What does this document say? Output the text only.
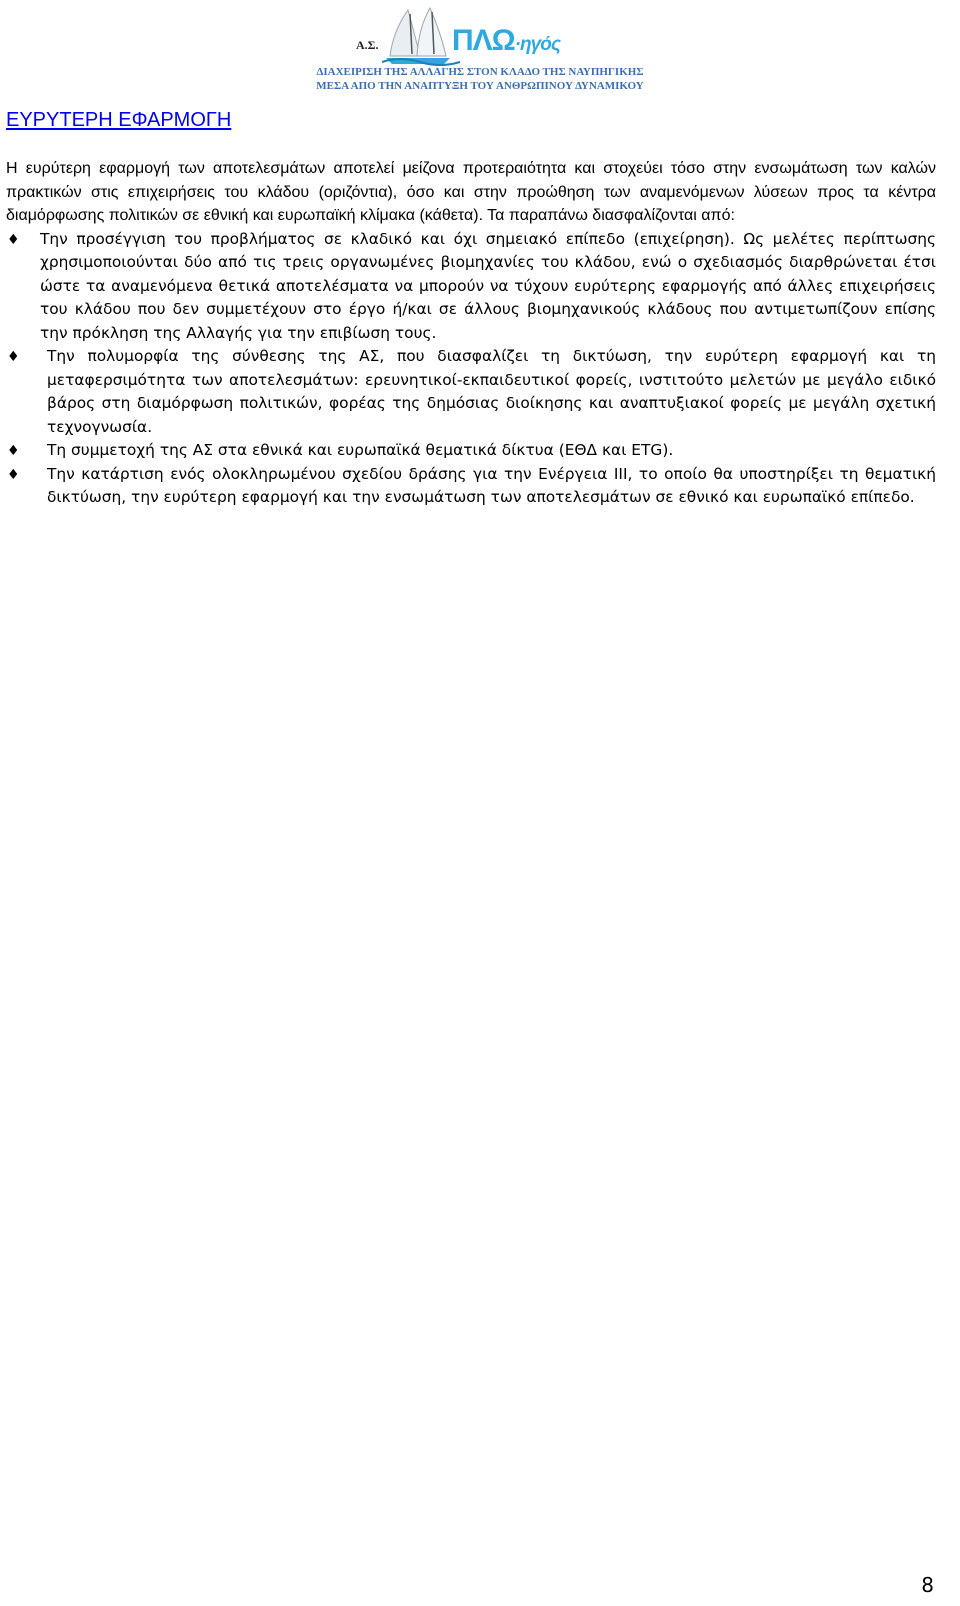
Α.Σ. ΠΛΩ·ηγός
ΔΙΑΧΕΙΡΙΣΗ ΤΗΣ ΑΛΛΑΓΗΣ ΣΤΟΝ ΚΛΑΔΟ ΤΗΣ ΝΑΥΠΗΓΙΚΗΣ
ΜΕΣΑ ΑΠΟ ΤΗΝ ΑΝΑΠΤΥΞΗ ΤΟΥ ΑΝΘΡΩΠΙΝΟΥ ΔΥΝΑΜΙΚΟΥ
ΕΥΡΥΤΕΡΗ ΕΦΑΡΜΟΓΗ

Η ευρύτερη εφαρμογή των αποτελεσμάτων αποτελεί μείζονα προτεραιότητα και στοχεύει τόσο στην ενσωμάτωση των καλών πρακτικών στις επιχειρήσεις του κλάδου (οριζόντια), όσο και στην προώθηση των αναμενόμενων λύσεων προς τα κέντρα διαμόρφωσης πολιτικών σε εθνική και ευρωπαϊκή κλίμακα (κάθετα). Τα παραπάνω διασφαλίζονται από:

♦ Την προσέγγιση του προβλήματος σε κλαδικό και όχι σημειακό επίπεδο (επιχείρηση). Ως μελέτες περίπτωσης χρησιμοποιούνται δύο από τις τρεις οργανωμένες βιομηχανίες του κλάδου, ενώ ο σχεδιασμός διαρθρώνεται έτσι ώστε τα αναμενόμενα θετικά αποτελέσματα να μπορούν να τύχουν ευρύτερης εφαρμογής από άλλες επιχειρήσεις του κλάδου που δεν συμμετέχουν στο έργο ή/και σε άλλους βιομηχανικούς κλάδους που αντιμετωπίζουν επίσης την πρόκληση της Αλλαγής για την επιβίωση τους.
♦ Την πολυμορφία της σύνθεσης της ΑΣ, που διασφαλίζει τη δικτύωση, την ευρύτερη εφαρμογή και τη μεταφερσιμότητα των αποτελεσμάτων: ερευνητικοί-εκπαιδευτικοί φορείς, ινστιτούτο μελετών με μεγάλο ειδικό βάρος στη διαμόρφωση πολιτικών, φορέας της δημόσιας διοίκησης και αναπτυξιακοί φορείς με μεγάλη σχετική τεχνογνωσία.
♦ Τη συμμετοχή της ΑΣ στα εθνικά και ευρωπαϊκά θεματικά δίκτυα (ΕΘΔ και ETG).
♦ Την κατάρτιση ενός ολοκληρωμένου σχεδίου δράσης για την Ενέργεια ΙΙΙ, το οποίο θα υποστηρίξει τη θεματική δικτύωση, την ευρύτερη εφαρμογή και την ενσωμάτωση των αποτελεσμάτων σε εθνικό και ευρωπαϊκό επίπεδο.
8
